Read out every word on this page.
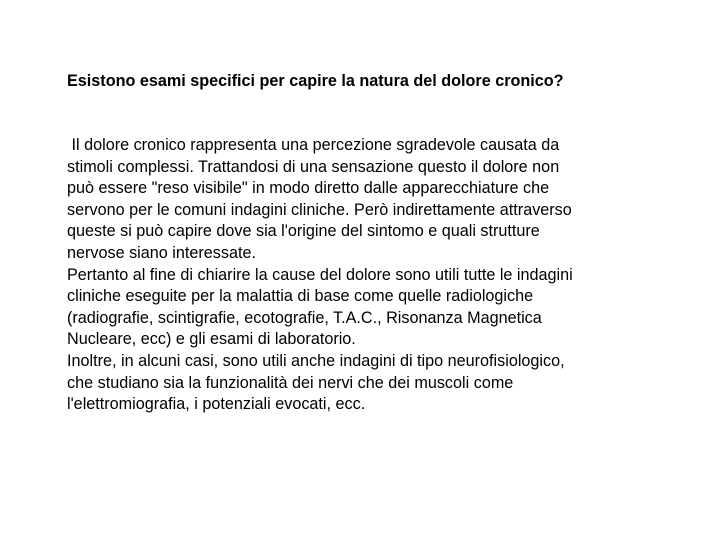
Esistono esami specifici per capire la natura del dolore cronico?
Il dolore cronico rappresenta una percezione sgradevole causata da
stimoli complessi. Trattandosi di una sensazione questo il dolore non
può essere "reso visibile" in modo diretto dalle apparecchiature che
servono per le comuni indagini cliniche. Però indirettamente attraverso
queste si può capire dove sia l'origine del sintomo e quali strutture
nervose siano interessate.
Pertanto al fine di chiarire la cause del dolore sono utili tutte le indagini
cliniche eseguite per la malattia di base come quelle radiologiche
(radiografie, scintigrafie, ecotografie, T.A.C., Risonanza Magnetica
Nucleare, ecc) e gli esami di laboratorio.
Inoltre, in alcuni casi, sono utili anche indagini di tipo neurofisiologico,
che studiano sia la funzionalità dei nervi che dei muscoli come
l'elettromiografia, i potenziali evocati, ecc.
